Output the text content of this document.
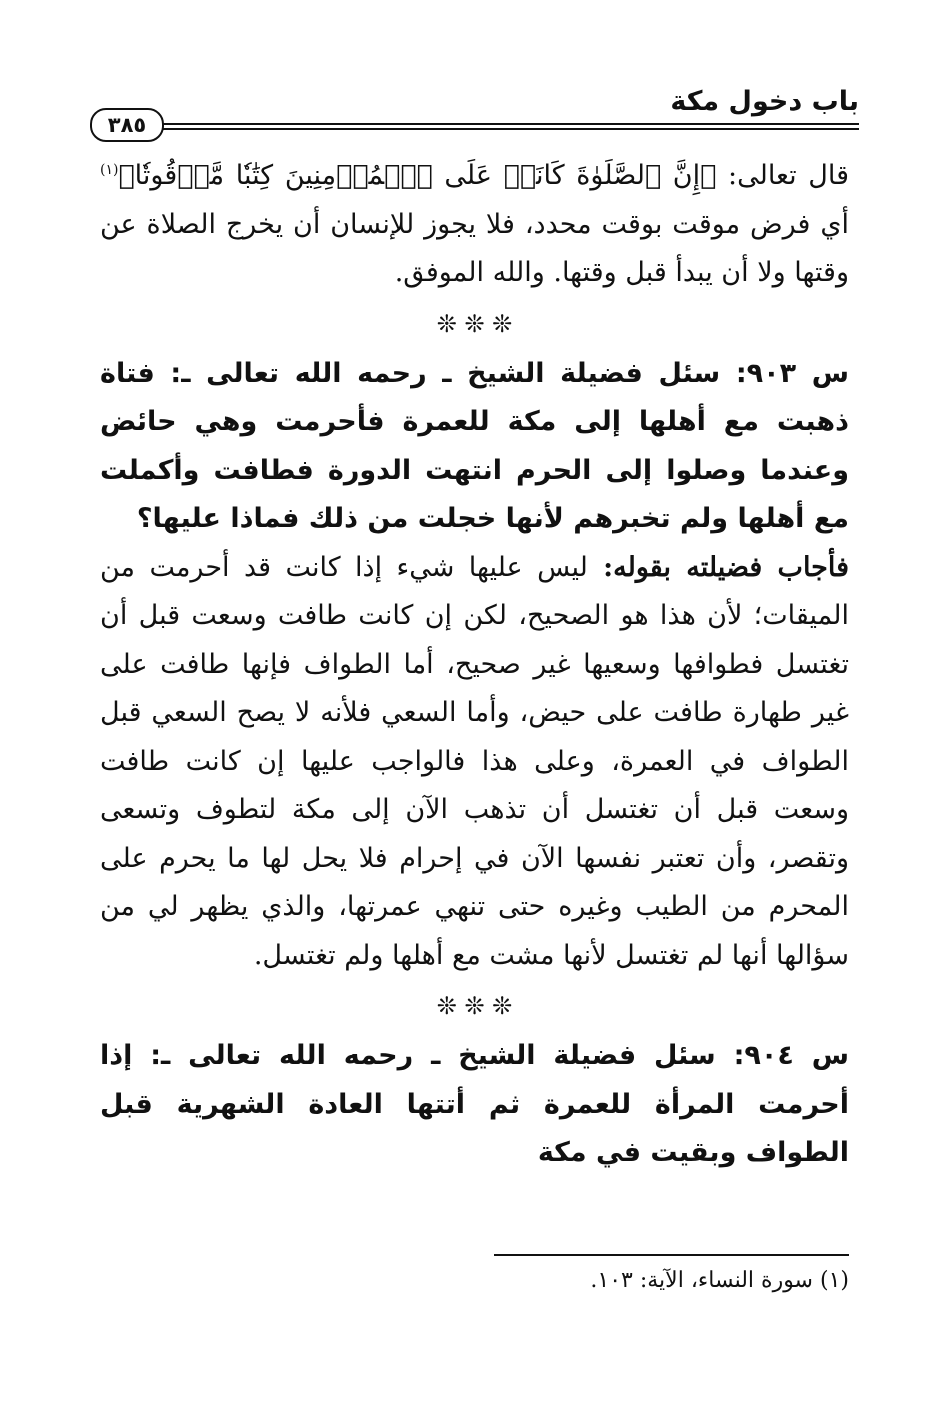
باب دخول مكة
٣٨٥

قال تعالى: ﴿إِنَّ ٱلصَّلَوٰةَ كَانَتۡ عَلَى ٱلۡمُؤۡمِنِينَ كِتَٰبٗا مَّوۡقُوتٗا﴾$^{(١)}$ أي فرض موقت بوقت محدد، فلا يجوز للإنسان أن يخرج الصلاة عن وقتها ولا أن يبدأ قبل وقتها. والله الموفق.

❊ ❊ ❊

س ٩٠٣: سئل فضيلة الشيخ ـ رحمه الله تعالى ـ: فتاة ذهبت مع أهلها إلى مكة للعمرة فأحرمت وهي حائض وعندما وصلوا إلى الحرم انتهت الدورة فطافت وأكملت مع أهلها ولم تخبرهم لأنها خجلت من ذلك فماذا عليها؟

فأجاب فضيلته بقوله: ليس عليها شيء إذا كانت قد أحرمت من الميقات؛ لأن هذا هو الصحيح، لكن إن كانت طافت وسعت قبل أن تغتسل فطوافها وسعيها غير صحيح، أما الطواف فإنها طافت على غير طهارة طافت على حيض، وأما السعي فلأنه لا يصح السعي قبل الطواف في العمرة، وعلى هذا فالواجب عليها إن كانت طافت وسعت قبل أن تغتسل أن تذهب الآن إلى مكة لتطوف وتسعى وتقصر، وأن تعتبر نفسها الآن في إحرام فلا يحل لها ما يحرم على المحرم من الطيب وغيره حتى تنهي عمرتها، والذي يظهر لي من سؤالها أنها لم تغتسل لأنها مشت مع أهلها ولم تغتسل.

❊ ❊ ❊

س ٩٠٤: سئل فضيلة الشيخ ـ رحمه الله تعالى ـ: إذا أحرمت المرأة للعمرة ثم أتتها العادة الشهرية قبل الطواف وبقيت في مكة

(١) سورة النساء، الآية: ١٠٣.
